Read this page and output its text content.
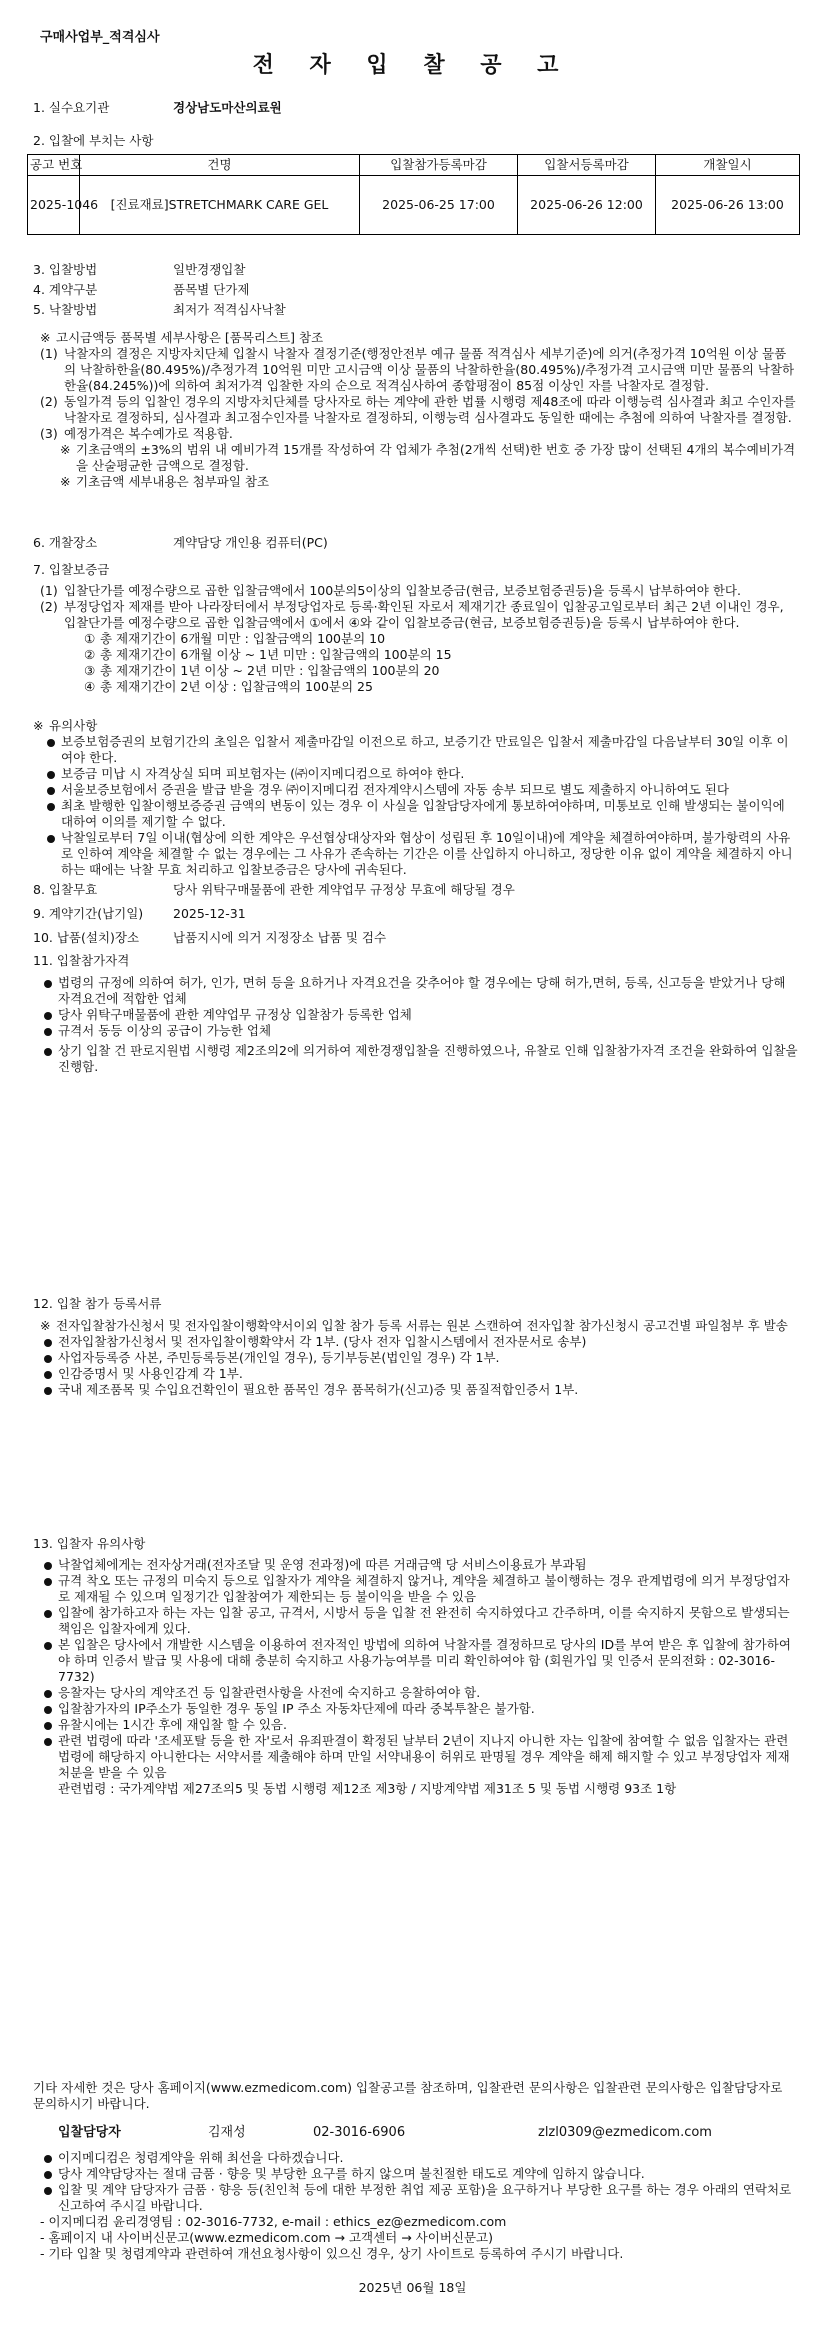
구매사업부_적격심사
전 자 입 찰 공 고
1. 실수요기관	경상남도마산의료원
2. 입찰에 부치는 사항
공고 번호	건명	입찰참가등록마감	입찰서등록마감	개찰일시
2025-1046	[진료재료]STRETCHMARK CARE GEL	2025-06-25 17:00	2025-06-26 12:00	2025-06-26 13:00
3. 입찰방법	일반경쟁입찰
4. 계약구분	품목별 단가제
5. 낙찰방법	최저가 적격심사낙찰
※ 고시금액등 품목별 세부사항은 [품목리스트] 참조
(1) 낙찰자의 결정은 지방자치단체 입찰시 낙찰자 결정기준(행정안전부 예규 물품 적격심사 세부기준)에 의거(추정가격 10억원 이상 물품의 낙찰하한율(80.495%)/추정가격 10억원 미만 고시금액 이상 물품의 낙찰하한율(80.495%)/추정가격 고시금액 미만 물품의 낙찰하한율(84.245%))에 의하여 최저가격 입찰한 자의 순으로 적격심사하여 종합평점이 85점 이상인 자를 낙찰자로 결정함.
(2) 동일가격 등의 입찰인 경우의 지방자치단체를 당사자로 하는 계약에 관한 법률 시행령 제48조에 따라 이행능력 심사결과 최고 수인자를 낙찰자로 결정하되, 심사결과 최고점수인자를 낙찰자로 결정하되, 이행능력 심사결과도 동일한 때에는 추첨에 의하여 낙찰자를 결정함.
(3) 예정가격은 복수예가로 적용함.
※ 기초금액의 ±3%의 범위 내 예비가격 15개를 작성하여 각 업체가 추첨(2개씩 선택)한 번호 중 가장 많이 선택된 4개의 복수예비가격을 산술평균한 금액으로 결정함.
※ 기초금액 세부내용은 첨부파일 참조
6. 개찰장소	계약담당 개인용 컴퓨터(PC)
7. 입찰보증금
(1) 입찰단가를 예정수량으로 곱한 입찰금액에서 100분의5이상의 입찰보증금(현금, 보증보험증권등)을 등록시 납부하여야 한다.
(2) 부정당업자 제재를 받아 나라장터에서 부정당업자로 등록·확인된 자로서 제재기간 종료일이 입찰공고일로부터 최근 2년 이내인 경우, 입찰단가를 예정수량으로 곱한 입찰금액에서 ①에서 ④와 같이 입찰보증금(현금, 보증보험증권등)을 등록시 납부하여야 한다.
① 총 제재기간이 6개월 미만 : 입찰금액의 100분의 10
② 총 제재기간이 6개월 이상 ~ 1년 미만 : 입찰금액의 100분의 15
③ 총 제재기간이 1년 이상 ~ 2년 미만 : 입찰금액의 100분의 20
④ 총 제재기간이 2년 이상 : 입찰금액의 100분의 25
※ 유의사항
보증보험증권의 보험기간의 초일은 입찰서 제출마감일 이전으로 하고, 보증기간 만료일은 입찰서 제출마감일 다음날부터 30일 이후 이여야 한다.
보증금 미납 시 자격상실 되며 피보험자는 (㈜이지메디컴으로 하여야 한다.
서울보증보험에서 증권을 발급 받을 경우 ㈜이지메디컴 전자계약시스템에 자동 송부 되므로 별도 제출하지 아니하여도 된다
최초 발행한 입찰이행보증증권 금액의 변동이 있는 경우 이 사실을 입찰담당자에게 통보하여야하며, 미통보로 인해 발생되는 불이익에 대하여 이의를 제기할 수 없다.
낙찰일로부터 7일 이내(협상에 의한 계약은 우선협상대상자와 협상이 성립된 후 10일이내)에 계약을 체결하여야하며, 불가항력의 사유로 인하여 계약을 체결할 수 없는 경우에는 그 사유가 존속하는 기간은 이를 산입하지 아니하고, 정당한 이유 없이 계약을 체결하지 아니하는 때에는 낙찰 무효 처리하고 입찰보증금은 당사에 귀속된다.
8. 입찰무효	당사 위탁구매물품에 관한 계약업무 규정상 무효에 해당될 경우
9. 계약기간(납기일) 2025-12-31
10. 납품(설치)장소	납품지시에 의거 지정장소 납품 및 검수
11. 입찰참가자격
법령의 규정에 의하여 허가, 인가, 면허 등을 요하거나 자격요건을 갖추어야 할 경우에는 당해 허가,면허, 등록, 신고등을 받았거나 당해 자격요건에 적합한 업체
당사 위탁구매물품에 관한 계약업무 규정상 입찰참가 등록한 업체
규격서 동등 이상의 공급이 가능한 업체
상기 입찰 건 판로지원법 시행령 제2조의2에 의거하여 제한경쟁입찰을 진행하였으나, 유찰로 인해 입찰참가자격 조건을 완화하여 입찰을 진행함.
12. 입찰 참가 등록서류
※ 전자입찰참가신청서 및 전자입찰이행확약서이외 입찰 참가 등록 서류는 원본 스캔하여 전자입찰 참가신청시 공고건별 파일첨부 후 발송
전자입찰참가신청서 및 전자입찰이행확약서 각 1부. (당사 전자 입찰시스템에서 전자문서로 송부)
사업자등록증 사본, 주민등록등본(개인일 경우), 등기부등본(법인일 경우) 각 1부.
인감증명서 및 사용인감계 각 1부.
국내 제조품목 및 수입요건확인이 필요한 품목인 경우 품목허가(신고)증 및 품질적합인증서 1부.
13. 입찰자 유의사항
낙찰업체에게는 전자상거래(전자조달 및 운영 전과정)에 따른 거래금액 당 서비스이용료가 부과됨
규격 착오 또는 규정의 미숙지 등으로 입찰자가 계약을 체결하지 않거나, 계약을 체결하고 불이행하는 경우 관계법령에 의거 부정당업자로 제재될 수 있으며 일정기간 입찰참여가 제한되는 등 불이익을 받을 수 있음
입찰에 참가하고자 하는 자는 입찰 공고, 규격서, 시방서 등을 입찰 전 완전히 숙지하였다고 간주하며, 이를 숙지하지 못함으로 발생되는 책임은 입찰자에게 있다.
본 입찰은 당사에서 개발한 시스템을 이용하여 전자적인 방법에 의하여 낙찰자를 결정하므로 당사의 ID를 부여 받은 후 입찰에 참가하여야 하며 인증서 발급 및 사용에 대해 충분히 숙지하고 사용가능여부를 미리 확인하여야 함 (회원가입 및 인증서 문의전화 : 02-3016-7732)
응찰자는 당사의 계약조건 등 입찰관련사항을 사전에 숙지하고 응찰하여야 함.
입찰참가자의 IP주소가 동일한 경우 동일 IP 주소 자동차단제에 따라 중복투찰은 불가함.
유찰시에는 1시간 후에 재입찰 할 수 있음.
관련 법령에 따라 '조세포탈 등을 한 자'로서 유죄판결이 확정된 날부터 2년이 지나지 아니한 자는 입찰에 참여할 수 없음 입찰자는 관련법령에 해당하지 아니한다는 서약서를 제출해야 하며 만일 서약내용이 허위로 판명될 경우 계약을 해제 해지할 수 있고 부정당업자 제재 처분을 받을 수 있음
관련법령 : 국가계약법 제27조의5 및 동법 시행령 제12조 제3항 / 지방계약법 제31조 5 및 동법 시행령 93조 1항
기타 자세한 것은 당사 홈페이지(www.ezmedicom.com) 입찰공고를 참조하며, 입찰관련 문의사항은 입찰관련 문의사항은 입찰담당자로 문의하시기 바랍니다.
입찰담당자	김재성	02-3016-6906	zlzl0309@ezmedicom.com
이지메디컴은 청렴계약을 위해 최선을 다하겠습니다.
당사 계약담당자는 절대 금품 · 향응 및 부당한 요구를 하지 않으며 불친절한 태도로 계약에 임하지 않습니다.
입찰 및 계약 담당자가 금품 · 향응 등(친인척 등에 대한 부정한 취업 제공 포함)을 요구하거나 부당한 요구를 하는 경우 아래의 연락처로 신고하여 주시길 바랍니다.
- 이지메디컴 윤리경영팀 : 02-3016-7732, e-mail : ethics_ez@ezmedicom.com
- 홈페이지 내 사이버신문고(www.ezmedicom.com → 고객센터 → 사이버신문고)
- 기타 입찰 및 청렴계약과 관련하여 개선요청사항이 있으신 경우, 상기 사이트로 등록하여 주시기 바랍니다.
2025년 06월 18일
